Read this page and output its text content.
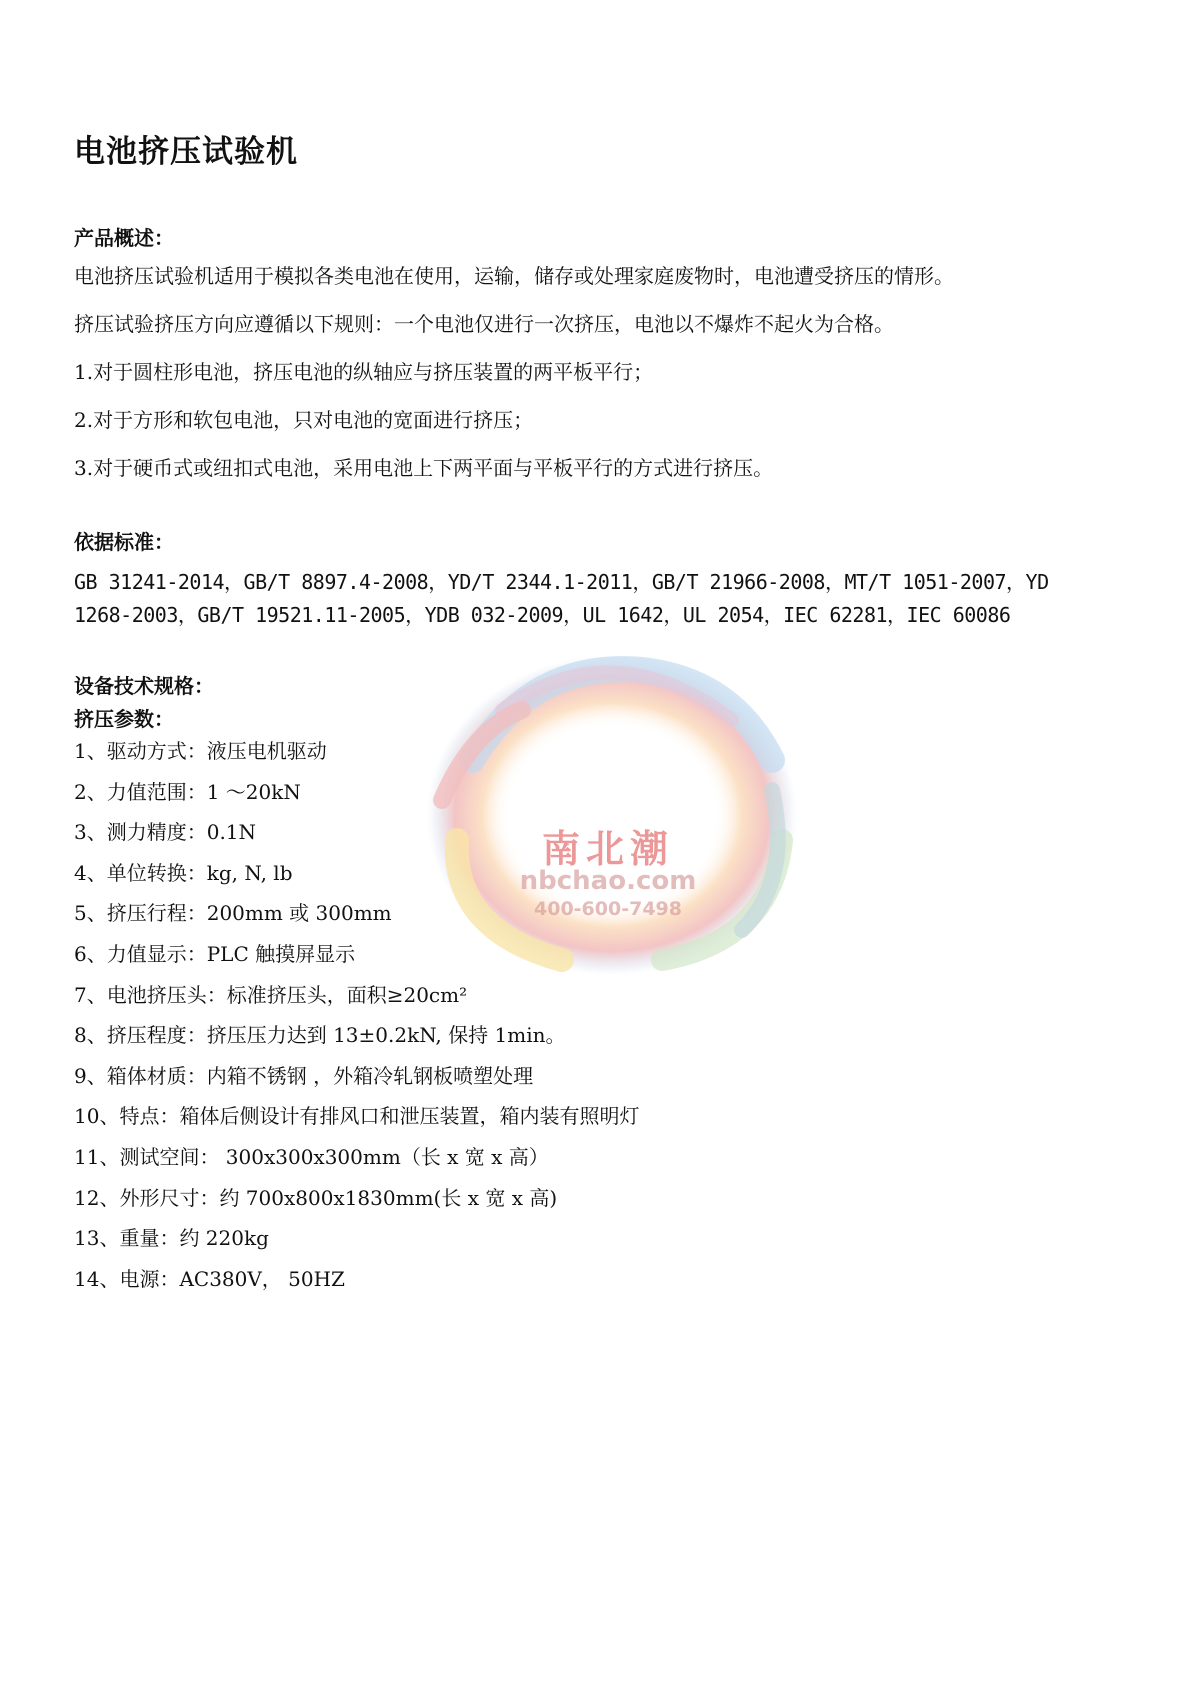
南北潮
nbchao.com
400-600-7498
电池挤压试验机
产品概述：
电池挤压试验机适用于模拟各类电池在使用，运输，储存或处理家庭废物时，电池遭受挤压的情形。
挤压试验挤压方向应遵循以下规则：一个电池仅进行一次挤压，电池以不爆炸不起火为合格。
1.对于圆柱形电池，挤压电池的纵轴应与挤压装置的两平板平行；
2.对于方形和软包电池，只对电池的宽面进行挤压；
3.对于硬币式或纽扣式电池，采用电池上下两平面与平板平行的方式进行挤压。
依据标准：
GB 31241-2014，GB/T 8897.4-2008，YD/T 2344.1-2011，GB/T 21966-2008，MT/T 1051-2007，YD
1268-2003，GB/T 19521.11-2005，YDB 032-2009，UL 1642，UL 2054，IEC 62281，IEC 60086
设备技术规格：
挤压参数：
1、驱动方式：液压电机驱动
2、力值范围：1 ～20kN
3、测力精度：0.1N
4、单位转换：kg, N, lb
5、挤压行程：200mm 或 300mm
6、力值显示：PLC 触摸屏显示
7、电池挤压头：标准挤压头，面积≥20cm²
8、挤压程度：挤压压力达到 13±0.2kN, 保持 1min。
9、箱体材质：内箱不锈钢 ，外箱冷轧钢板喷塑处理
10、特点：箱体后侧设计有排风口和泄压装置，箱内装有照明灯
11、测试空间： 300x300x300mm（长 x 宽 x 高）
12、外形尺寸：约 700x800x1830mm(长 x 宽 x 高)
13、重量：约 220kg
14、电源：AC380V， 50HZ
